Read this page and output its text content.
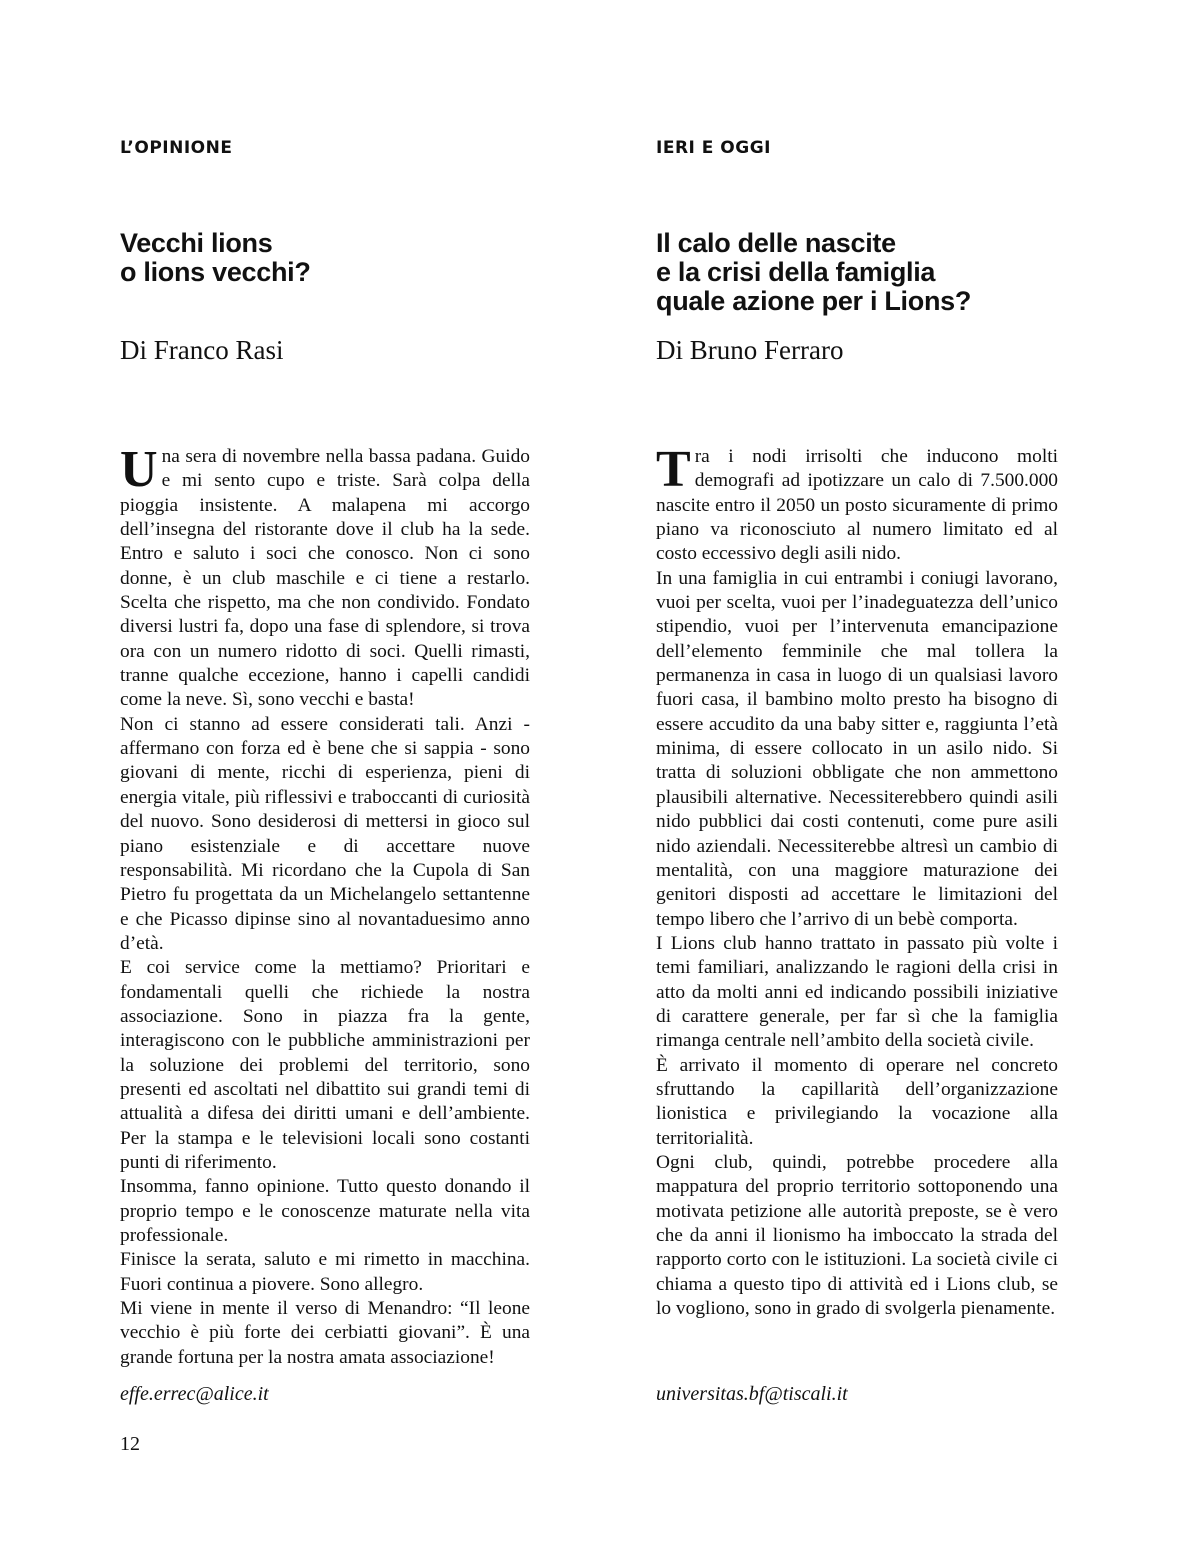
L’OPINIONE
Vecchi lions
o lions vecchi?
Di Franco Rasi

Una sera di novembre nella bassa padana. Guido e mi sento cupo e triste. Sarà colpa della pioggia insistente. A malapena mi accorgo dell’insegna del ristorante dove il club ha la sede. Entro e saluto i soci che conosco. Non ci sono donne, è un club maschile e ci tiene a restarlo. Scelta che rispetto, ma che non condivido. Fondato diversi lustri fa, dopo una fase di splendore, si trova ora con un numero ridotto di soci. Quelli rimasti, tranne qualche eccezione, hanno i capelli candidi come la neve. Sì, sono vecchi e basta!

Non ci stanno ad essere considerati tali. Anzi - affermano con forza ed è bene che si sappia - sono giovani di mente, ricchi di esperienza, pieni di energia vitale, più riflessivi e traboccanti di curiosità del nuovo. Sono desiderosi di mettersi in gioco sul piano esistenziale e di accettare nuove responsabilità. Mi ricordano che la Cupola di San Pietro fu progettata da un Michelangelo settantenne e che Picasso dipinse sino al novantaduesimo anno d’età.

E coi service come la mettiamo? Prioritari e fondamentali quelli che richiede la nostra associazione. Sono in piazza fra la gente, interagiscono con le pubbliche amministrazioni per la soluzione dei problemi del territorio, sono presenti ed ascoltati nel dibattito sui grandi temi di attualità a difesa dei diritti umani e dell’ambiente. Per la stampa e le televisioni locali sono costanti punti di riferimento.

Insomma, fanno opinione. Tutto questo donando il proprio tempo e le conoscenze maturate nella vita professionale.

Finisce la serata, saluto e mi rimetto in macchina. Fuori continua a piovere. Sono allegro.

Mi viene in mente il verso di Menandro: “Il leone vecchio è più forte dei cerbiatti giovani”. È una grande fortuna per la nostra amata associazione!

effe.errec@alice.it
IERI E OGGI
Il calo delle nascite
e la crisi della famiglia
quale azione per i Lions?
Di Bruno Ferraro

Tra i nodi irrisolti che inducono molti demografi ad ipotizzare un calo di 7.500.000 nascite entro il 2050 un posto sicuramente di primo piano va riconosciuto al numero limitato ed al costo eccessivo degli asili nido.

In una famiglia in cui entrambi i coniugi lavorano, vuoi per scelta, vuoi per l’inadeguatezza dell’unico stipendio, vuoi per l’intervenuta emancipazione dell’elemento femminile che mal tollera la permanenza in casa in luogo di un qualsiasi lavoro fuori casa, il bambino molto presto ha bisogno di essere accudito da una baby sitter e, raggiunta l’età minima, di essere collocato in un asilo nido. Si tratta di soluzioni obbligate che non ammettono plausibili alternative. Necessiterebbero quindi asili nido pubblici dai costi contenuti, come pure asili nido aziendali. Necessiterebbe altresì un cambio di mentalità, con una maggiore maturazione dei genitori disposti ad accettare le limitazioni del tempo libero che l’arrivo di un bebè comporta.

I Lions club hanno trattato in passato più volte i temi familiari, analizzando le ragioni della crisi in atto da molti anni ed indicando possibili iniziative di carattere generale, per far sì che la famiglia rimanga centrale nell’ambito della società civile.

È arrivato il momento di operare nel concreto sfruttando la capillarità dell’organizzazione lionistica e privilegiando la vocazione alla territorialità.

Ogni club, quindi, potrebbe procedere alla mappatura del proprio territorio sottoponendo una motivata petizione alle autorità preposte, se è vero che da anni il lionismo ha imboccato la strada del rapporto corto con le istituzioni. La società civile ci chiama a questo tipo di attività ed i Lions club, se lo vogliono, sono in grado di svolgerla pienamente.

universitas.bf@tiscali.it
12
